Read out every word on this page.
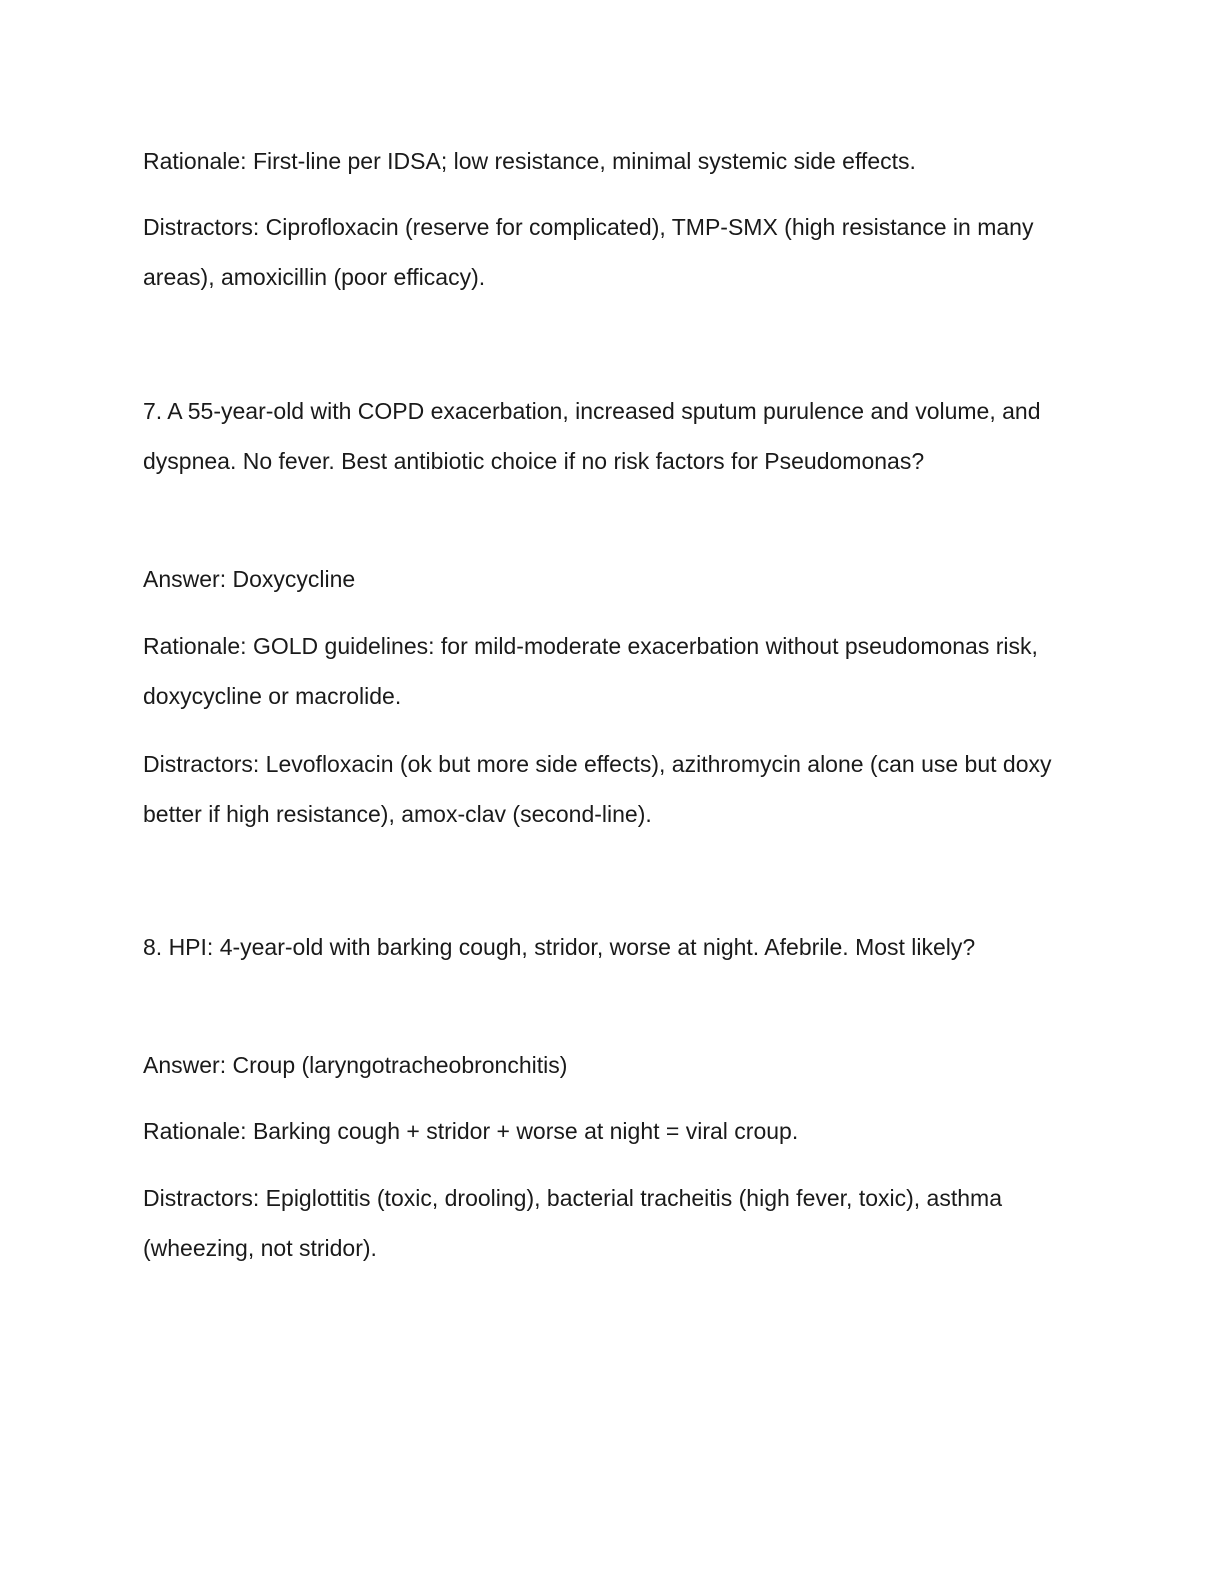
Rationale: First-line per IDSA; low resistance, minimal systemic side effects.

Distractors: Ciprofloxacin (reserve for complicated), TMP-SMX (high resistance in many areas), amoxicillin (poor efficacy).

7. A 55-year-old with COPD exacerbation, increased sputum purulence and volume, and dyspnea. No fever. Best antibiotic choice if no risk factors for Pseudomonas?

Answer: Doxycycline

Rationale: GOLD guidelines: for mild-moderate exacerbation without pseudomonas risk, doxycycline or macrolide.

Distractors: Levofloxacin (ok but more side effects), azithromycin alone (can use but doxy better if high resistance), amox-clav (second-line).

8. HPI: 4-year-old with barking cough, stridor, worse at night. Afebrile. Most likely?

Answer: Croup (laryngotracheobronchitis)

Rationale: Barking cough + stridor + worse at night = viral croup.

Distractors: Epiglottitis (toxic, drooling), bacterial tracheitis (high fever, toxic), asthma (wheezing, not stridor).
